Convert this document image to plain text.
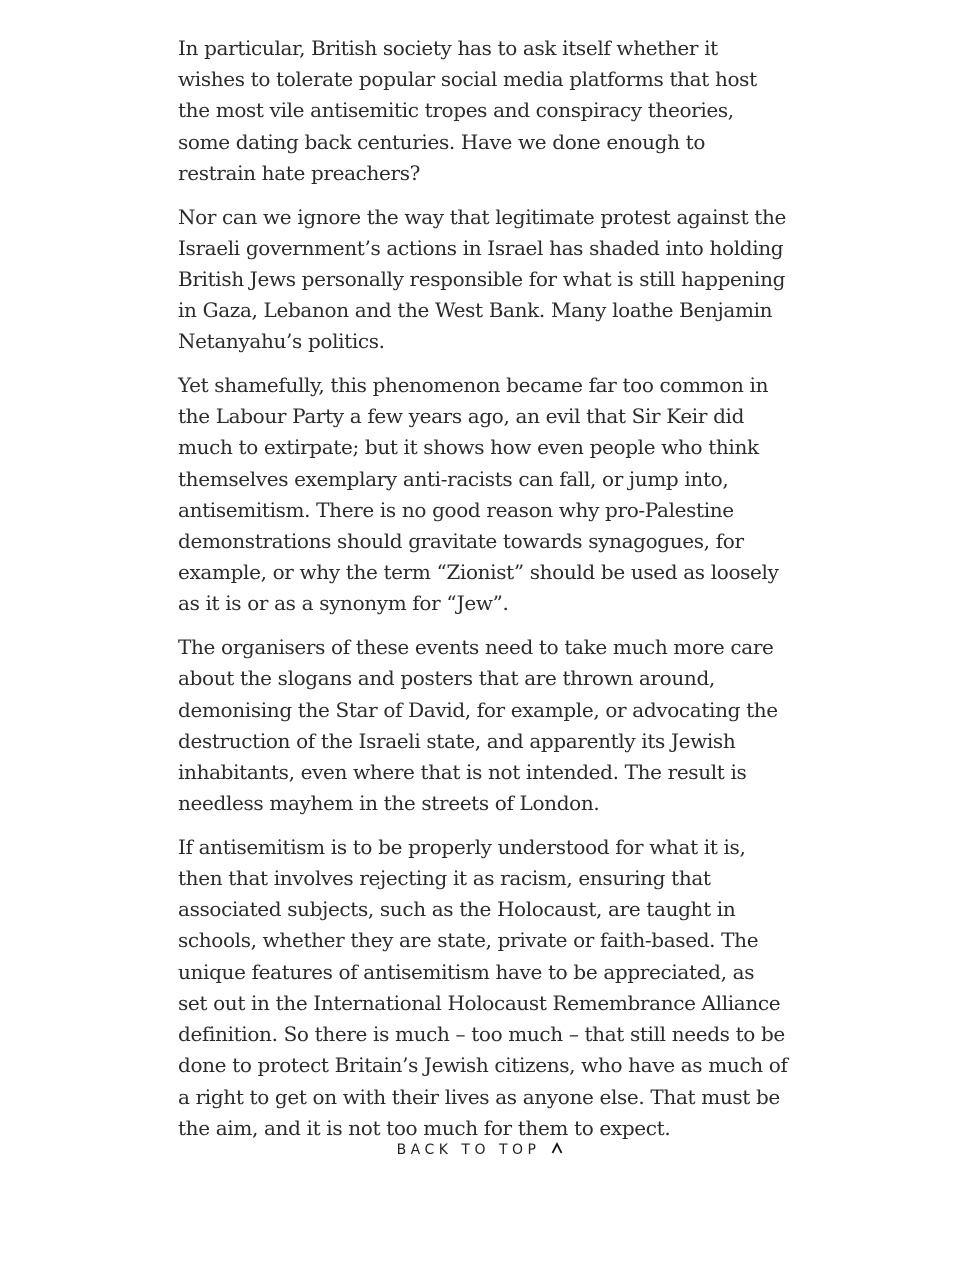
In particular, British society has to ask itself whether it wishes to tolerate popular social media platforms that host the most vile antisemitic tropes and conspiracy theories, some dating back centuries. Have we done enough to restrain hate preachers?

Nor can we ignore the way that legitimate protest against the Israeli government’s actions in Israel has shaded into holding British Jews personally responsible for what is still happening in Gaza, Lebanon and the West Bank. Many loathe Benjamin Netanyahu’s politics.

Yet shamefully, this phenomenon became far too common in the Labour Party a few years ago, an evil that Sir Keir did much to extirpate; but it shows how even people who think themselves exemplary anti-racists can fall, or jump into, antisemitism. There is no good reason why pro-Palestine demonstrations should gravitate towards synagogues, for example, or why the term “Zionist” should be used as loosely as it is or as a synonym for “Jew”.

The organisers of these events need to take much more care about the slogans and posters that are thrown around, demonising the Star of David, for example, or advocating the destruction of the Israeli state, and apparently its Jewish inhabitants, even where that is not intended. The result is needless mayhem in the streets of London.

If antisemitism is to be properly understood for what it is, then that involves rejecting it as racism, ensuring that associated subjects, such as the Holocaust, are taught in schools, whether they are state, private or faith-based. The unique features of antisemitism have to be appreciated, as set out in the International Holocaust Remembrance Alliance definition. So there is much – too much – that still needs to be done to protect Britain’s Jewish citizens, who have as much of a right to get on with their lives as anyone else. That must be the aim, and it is not too much for them to expect.

BACK TO TOP
